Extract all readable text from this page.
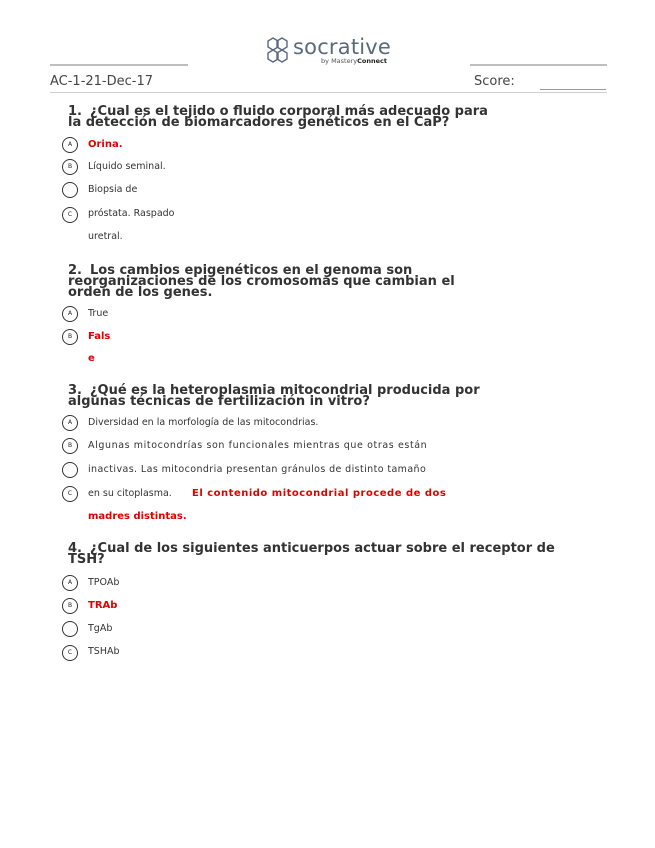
socrative
by MasteryConnect
AC-1-21-Dec-17	Score:
1. ¿Cual es el tejido o fluido corporal más adecuado para
la detección de biomarcadores genéticos en el CaP?
A	Orina.
B	Líquido seminal.
Biopsia de
C	próstata. Raspado
uretral.
2. Los cambios epigenéticos en el genoma son
reorganizaciones de los cromosomas que cambian el
orden de los genes.
A	True
B	Fals
e
3. ¿Qué es la heteroplasmia mitocondrial producida por
algunas técnicas de fertilización in vitro?
A	Diversidad en la morfología de las mitocondrias.
B	Algunas mitocondrías son funcionales mientras que otras están
inactivas. Las mitocondria presentan gránulos de distinto tamaño
C	en su citoplasma. El contenido mitocondrial procede de dos
madres distintas.
4. ¿Cual de los siguientes anticuerpos actuar sobre el receptor de
TSH?
A	TPOAb
B	TRAb
TgAb
C	TSHAb
